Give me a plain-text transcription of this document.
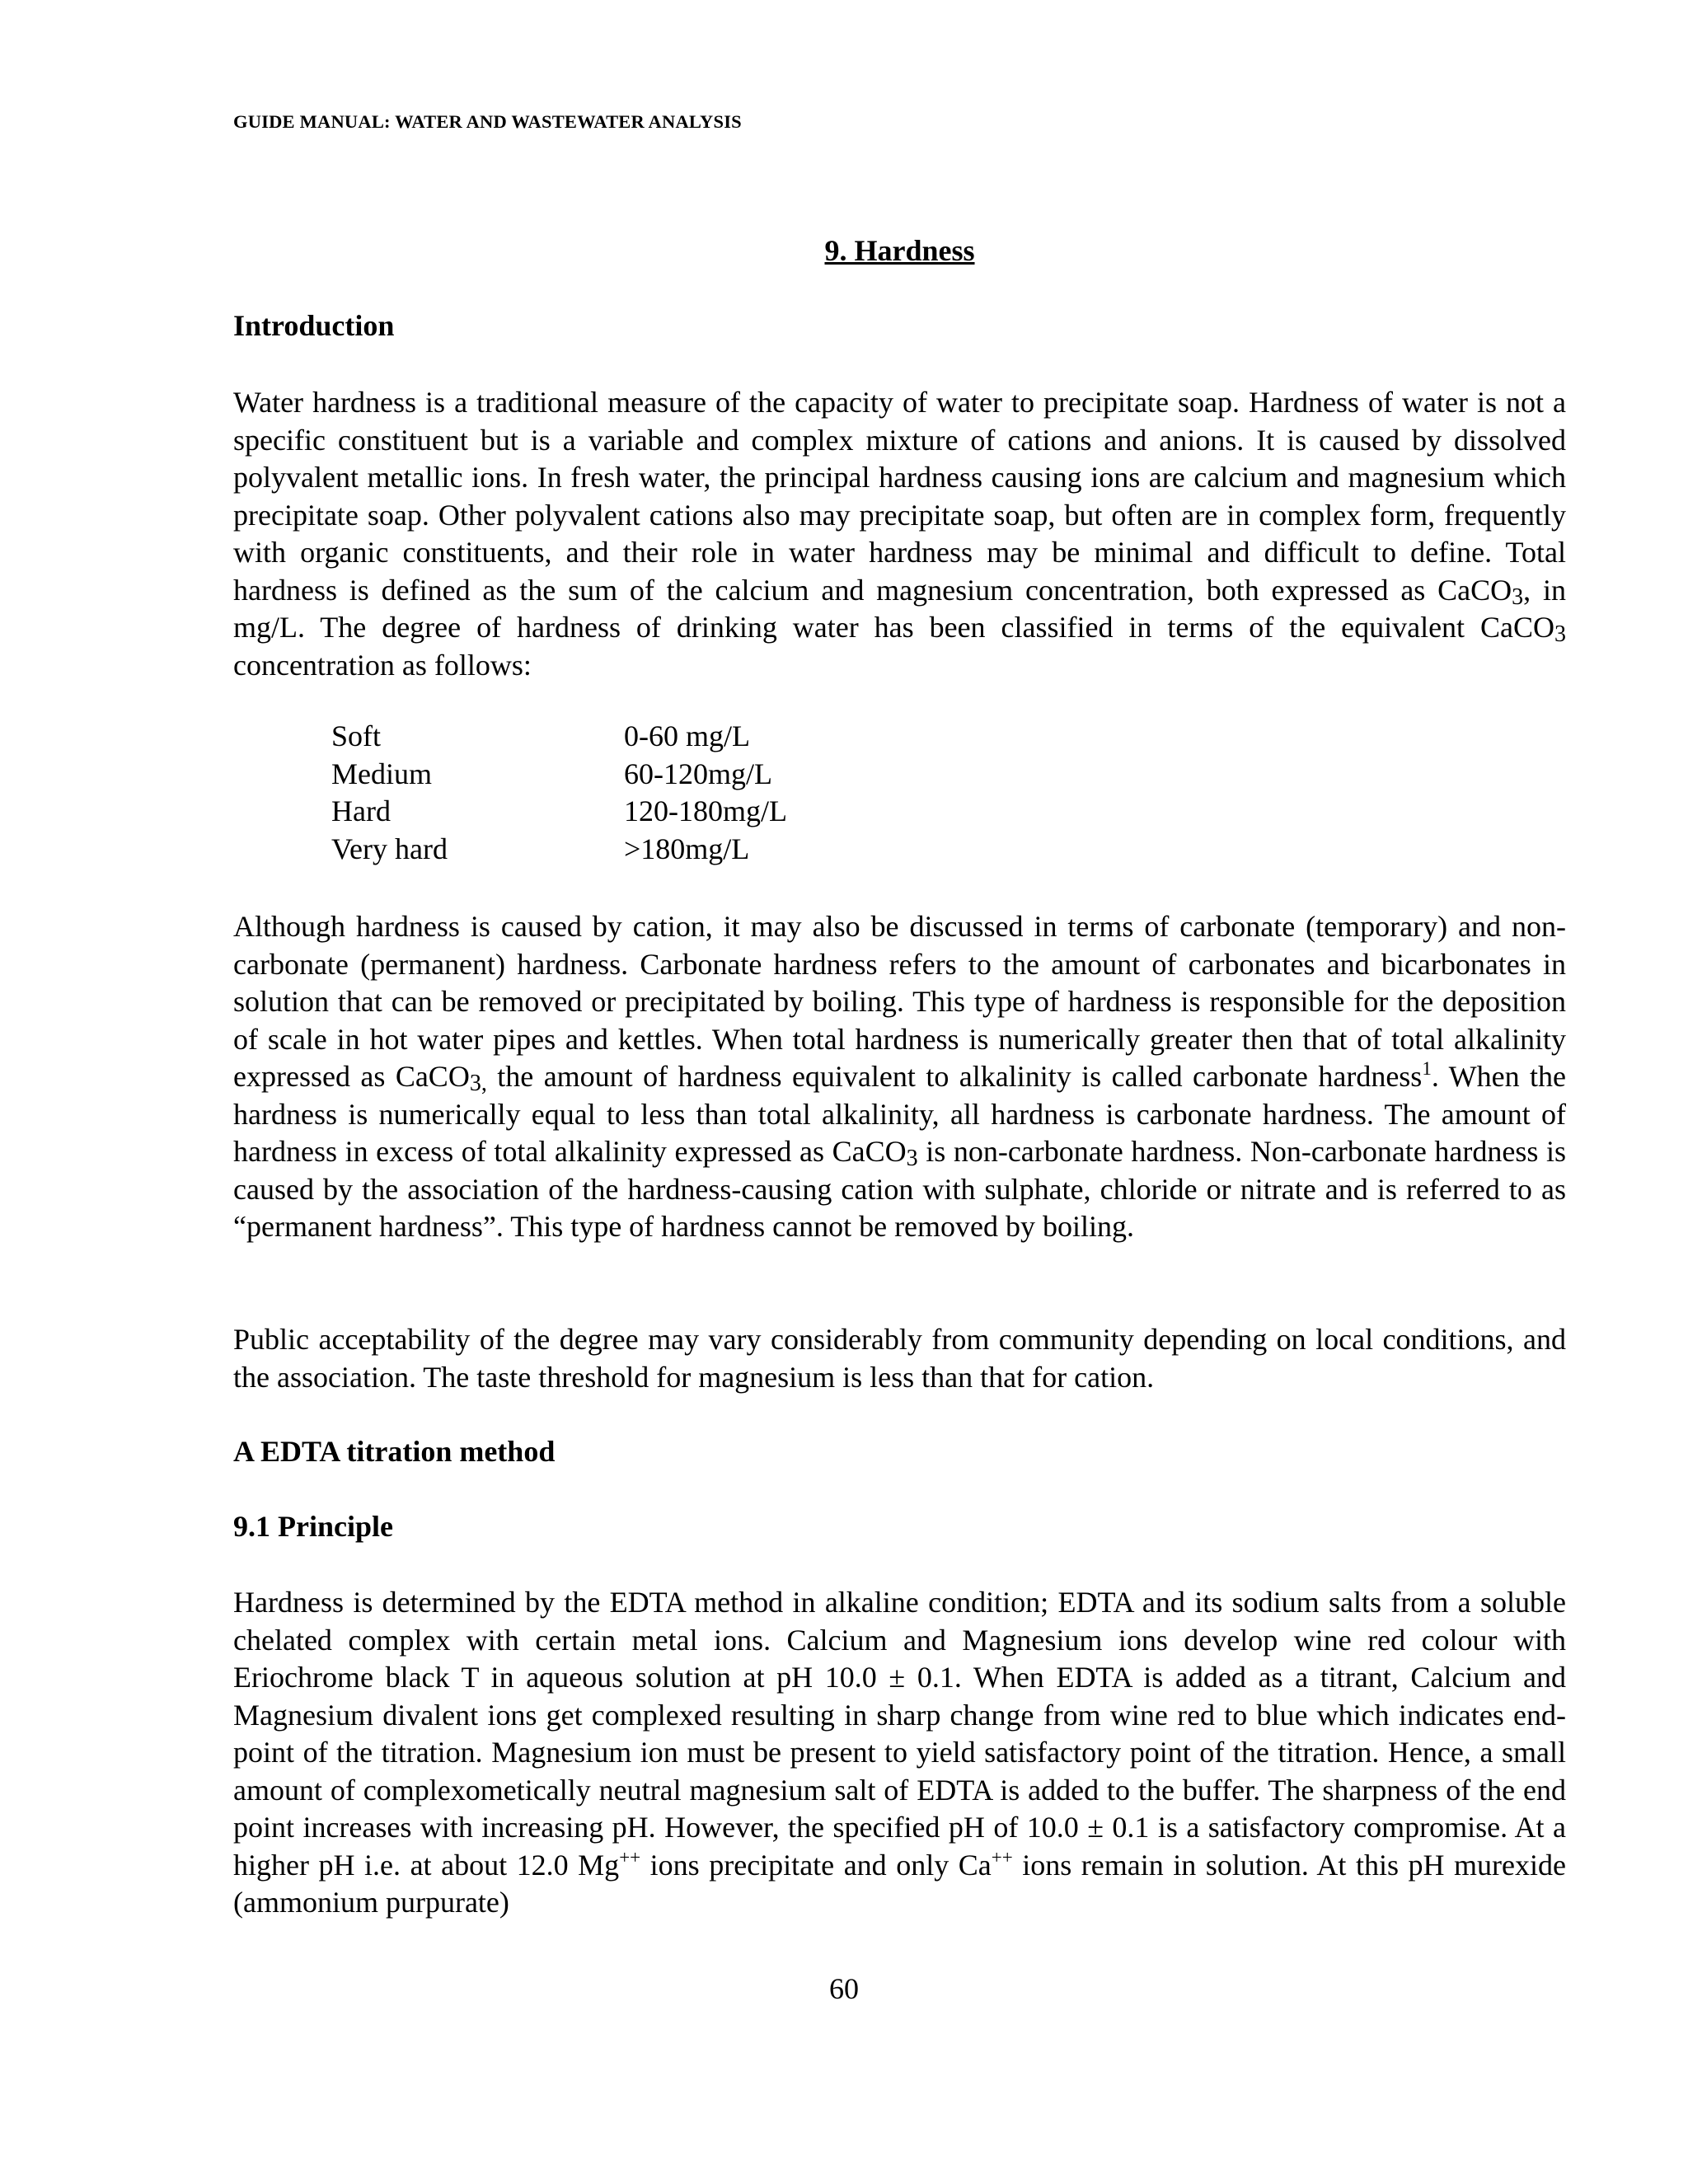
GUIDE MANUAL: WATER AND WASTEWATER ANALYSIS
9. Hardness
Introduction

Water hardness is a traditional measure of the capacity of water to precipitate soap. Hardness of water is not a specific constituent but is a variable and complex mixture of cations and anions. It is caused by dissolved polyvalent metallic ions. In fresh water, the principal hardness causing ions are calcium and magnesium which precipitate soap. Other polyvalent cations also may precipitate soap, but often are in complex form, frequently with organic constituents, and their role in water hardness may be minimal and difficult to define. Total hardness is defined as the sum of the calcium and magnesium concentration, both expressed as CaCO3, in mg/L. The degree of hardness of drinking water has been classified in terms of the equivalent CaCO3 concentration as follows:

Soft	0-60 mg/L
Medium	60-120mg/L
Hard	120-180mg/L
Very hard	>180mg/L

Although hardness is caused by cation, it may also be discussed in terms of carbonate (temporary) and non-carbonate (permanent) hardness. Carbonate hardness refers to the amount of carbonates and bicarbonates in solution that can be removed or precipitated by boiling. This type of hardness is responsible for the deposition of scale in hot water pipes and kettles. When total hardness is numerically greater then that of total alkalinity expressed as CaCO3, the amount of hardness equivalent to alkalinity is called carbonate hardness$^1$. When the hardness is numerically equal to less than total alkalinity, all hardness is carbonate hardness. The amount of hardness in excess of total alkalinity expressed as CaCO3 is non-carbonate hardness. Non-carbonate hardness is caused by the association of the hardness-causing cation with sulphate, chloride or nitrate and is referred to as “permanent hardness”. This type of hardness cannot be removed by boiling.

Public acceptability of the degree may vary considerably from community depending on local conditions, and the association. The taste threshold for magnesium is less than that for cation.

A EDTA titration method
9.1 Principle

Hardness is determined by the EDTA method in alkaline condition; EDTA and its sodium salts from a soluble chelated complex with certain metal ions. Calcium and Magnesium ions develop wine red colour with Eriochrome black T in aqueous solution at pH 10.0 ± 0.1. When EDTA is added as a titrant, Calcium and Magnesium divalent ions get complexed resulting in sharp change from wine red to blue which indicates end-point of the titration. Magnesium ion must be present to yield satisfactory point of the titration. Hence, a small amount of complexometically neutral magnesium salt of EDTA is added to the buffer. The sharpness of the end point increases with increasing pH. However, the specified pH of 10.0 ± 0.1 is a satisfactory compromise. At a higher pH i.e. at about 12.0 Mg++ ions precipitate and only Ca++ ions remain in solution. At this pH murexide (ammonium purpurate)

60
